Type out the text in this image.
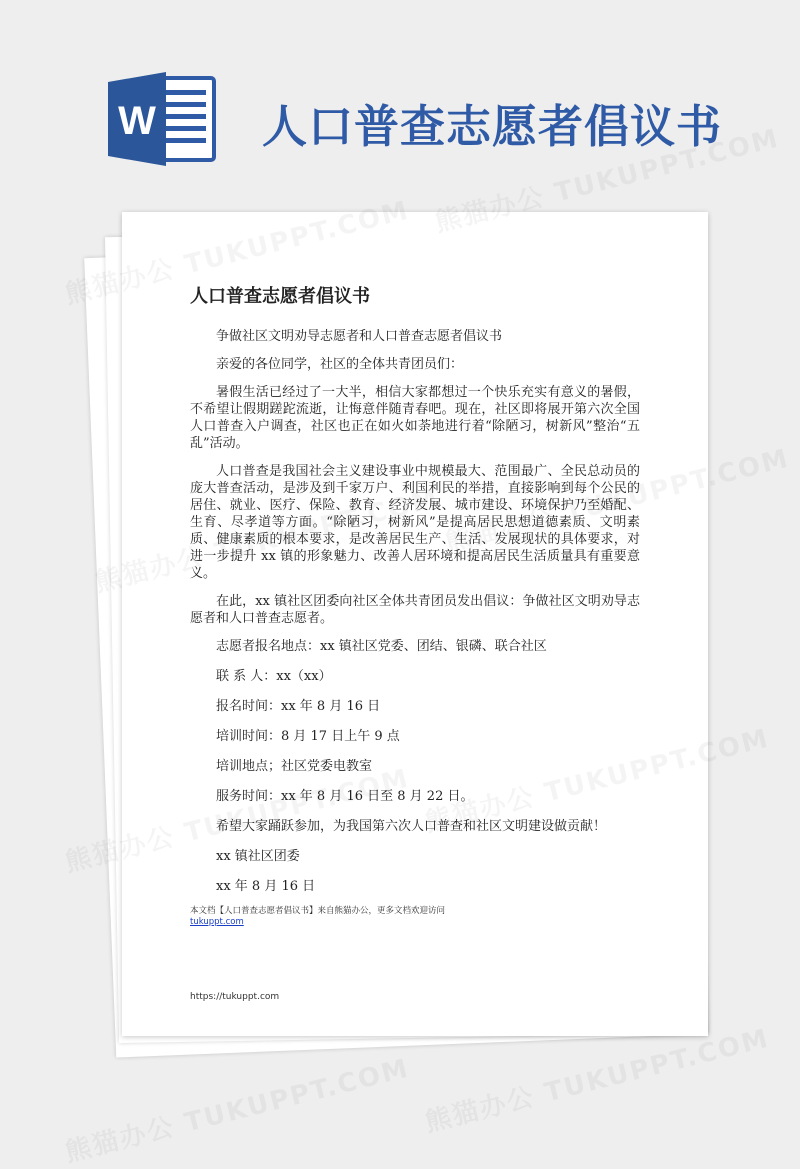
W 人口普查志愿者倡议书
人口普查志愿者倡议书

争做社区文明劝导志愿者和人口普查志愿者倡议书

亲爱的各位同学，社区的全体共青团员们：

暑假生活已经过了一大半，相信大家都想过一个快乐充实有意义的暑假，不希望让假期蹉跎流逝，让悔意伴随青春吧。现在，社区即将展开第六次全国人口普查入户调查，社区也正在如火如荼地进行着“除陋习，树新风”整治“五乱”活动。

人口普查是我国社会主义建设事业中规模最大、范围最广、全民总动员的庞大普查活动，是涉及到千家万户、利国利民的举措，直接影响到每个公民的居住、就业、医疗、保险、教育、经济发展、城市建设、环境保护乃至婚配、生育、尽孝道等方面。“除陋习，树新风”是提高居民思想道德素质、文明素质、健康素质的根本要求，是改善居民生产、生活、发展现状的具体要求，对进一步提升 xx 镇的形象魅力、改善人居环境和提高居民生活质量具有重要意义。

在此，xx 镇社区团委向社区全体共青团员发出倡议：争做社区文明劝导志愿者和人口普查志愿者。

志愿者报名地点：xx 镇社区党委、团结、银磷、联合社区

联 系 人：xx（xx）

报名时间：xx 年 8 月 16 日

培训时间：8 月 17 日上午 9 点

培训地点；社区党委电教室

服务时间：xx 年 8 月 16 日至 8 月 22 日。

希望大家踊跃参加，为我国第六次人口普查和社区文明建设做贡献！

xx 镇社区团委

xx 年 8 月 16 日

本文档【人口普查志愿者倡议书】来自熊猫办公，更多文档欢迎访问
tukuppt.com
https://tukuppt.com
